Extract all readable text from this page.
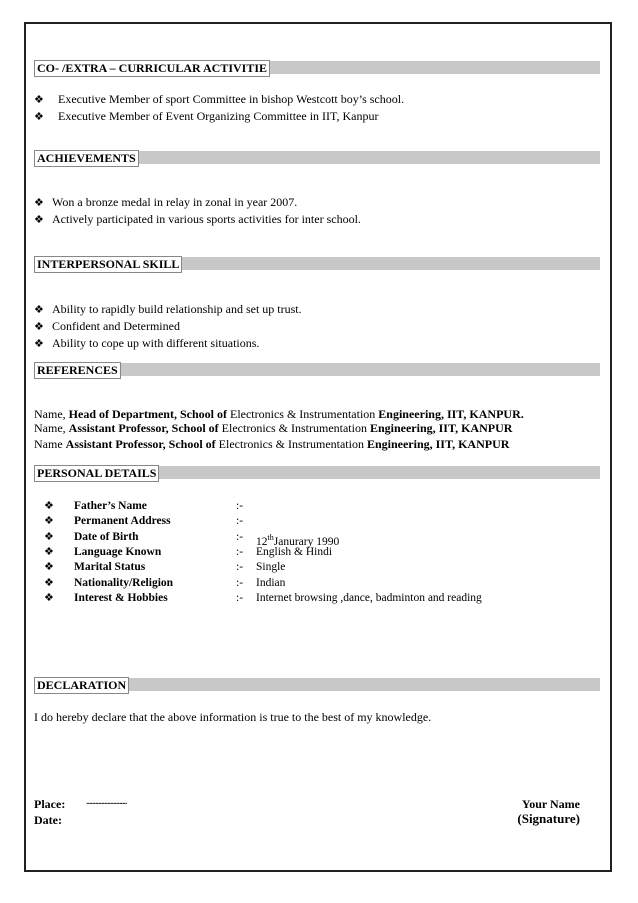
CO- /EXTRA – CURRICULAR ACTIVITIE
❖ Executive Member of sport Committee in bishop Westcott boy’s school.
❖ Executive Member of Event Organizing Committee in IIT, Kanpur
ACHIEVEMENTS
❖ Won a bronze medal in relay in zonal in year 2007.
❖ Actively participated in various sports activities for inter school.
INTERPERSONAL SKILL
❖ Ability to rapidly build relationship and set up trust.
❖ Confident and Determined
❖ Ability to cope up with different situations.
REFERENCES
Name, Head of Department, School of Electronics & Instrumentation Engineering, IIT, KANPUR.
Name, Assistant Professor, School of Electronics & Instrumentation Engineering, IIT, KANPUR
Name Assistant Professor, School of Electronics & Instrumentation Engineering, IIT, KANPUR
PERSONAL DETAILS
❖ Father’s Name	:-
❖ Permanent Address	:-
❖ Date of Birth	:- 12thJanurary 1990
❖ Language Known	:- English & Hindi
❖ Marital Status	:- Single
❖ Nationality/Religion	:- Indian
❖ Interest & Hobbies	:- Internet browsing ,dance, badminton and reading
DECLARATION
I do hereby declare that the above information is true to the best of my knowledge.
Place: ...........................
Date:
Your Name
(Signature)
